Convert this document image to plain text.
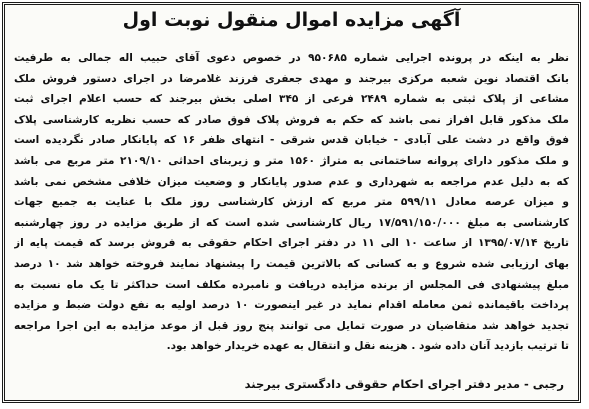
آگهی مزایده اموال منقول نوبت اول
نظر به اینکه در پرونده اجرایی شماره ۹۵۰۶۸۵ در خصوص دعوی آقای حبیب اله جمالی به طرفیت
بانک اقتصاد نوین شعبه مرکزی بیرجند و مهدی جعفری فرزند غلامرضا در اجرای دستور فروش ملک
مشاعی از پلاک ثبتی به شماره ۲۴۸۹ فرعی از ۳۴۵ اصلی بخش بیرجند که حسب اعلام اجرای ثبت
ملک مذکور قابل افراز نمی باشد که حکم به فروش پلاک فوق صادر که حسب نظریه کارشناسی پلاک
فوق واقع در دشت علی آبادی - خیابان قدس شرقی - انتهای ظفر ۱۶ که پایانکار صادر نگردیده است
و ملک مذکور دارای پروانه ساختمانی به متراژ ۱۵۶۰ متر و زیربنای احداثی ۲۱۰۹/۱۰ متر مربع می باشد
که به دلیل عدم مراجعه به شهرداری و عدم صدور پایانکار و وضعیت میزان خلافی مشخص نمی باشد
و میزان عرصه معادل ۵۹۹/۱۱ متر مربع که ارزش کارشناسی روز ملک با عنایت به جمیع جهات
کارشناسی به مبلغ ۱۷/۵۹۱/۱۵۰/۰۰۰ ریال کارشناسی شده است که از طریق مزایده در روز چهارشنبه
تاریخ ۱۳۹۵/۰۷/۱۴ از ساعت ۱۰ الی ۱۱ در دفتر اجرای احکام حقوقی به فروش برسد که قیمت پایه از
بهای ارزیابی شده شروع و به کسانی که بالاترین قیمت را پیشنهاد نمایند فروخته خواهد شد ۱۰ درصد
مبلغ پیشنهادی فی المجلس از برنده مزایده دریافت و نامبرده مکلف است حداکثر تا یک ماه نسبت به
پرداخت باقیمانده ثمن معامله اقدام نماید در غیر اینصورت ۱۰ درصد اولیه به نفع دولت ضبط و مزایده
تجدید خواهد شد متقاضیان در صورت تمایل می توانند پنج روز قبل از موعد مزایده به این اجرا مراجعه
تا ترتیب بازدید آنان داده شود . هزینه نقل و انتقال به عهده خریدار خواهد بود.
رجبی - مدیر دفتر اجرای احکام حقوقی دادگستری بیرجند
